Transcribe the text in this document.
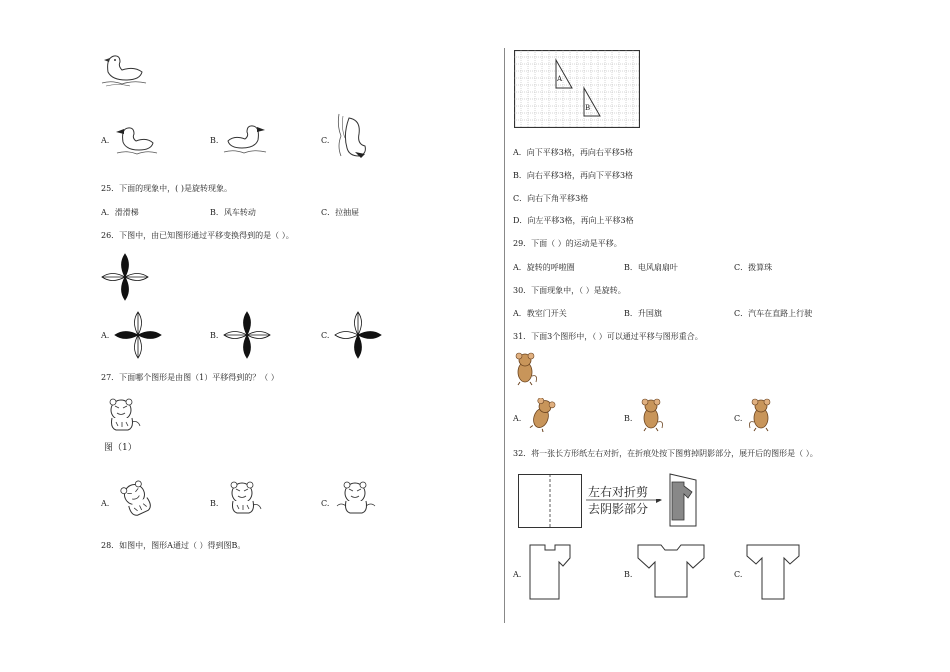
A.	B.	C.
25．下面的现象中，( )是旋转现象。
A．滑滑梯	B．风车转动	C．拉抽屉
26．下图中，由已知图形通过平移变换得到的是（ ）。
A.	B.	C.
27．下面哪个图形是由图（1）平移得到的？（ ）
图（1）
A.	B.	C.
28．如图中，图形A通过（ ）得到图B。
A
B
A．向下平移3格，再向右平移5格
B．向右平移3格，再向下平移3格
C．向右下角平移3格
D．向左平移3格，再向上平移3格
29．下面（ ）的运动是平移。
A．旋转的呼啦圈	B．电风扇扇叶	C．拨算珠
30．下面现象中，（ ）是旋转。
A．教室门开关	B．升国旗	C．汽车在直路上行驶
31．下面3个图形中，（ ）可以通过平移与图形重合。
A.	B.	C.
32．将一张长方形纸左右对折，在折痕处按下图剪掉阴影部分，展开后的图形是（ ）。
左右对折剪
去阴影部分
A.	B.	C.
